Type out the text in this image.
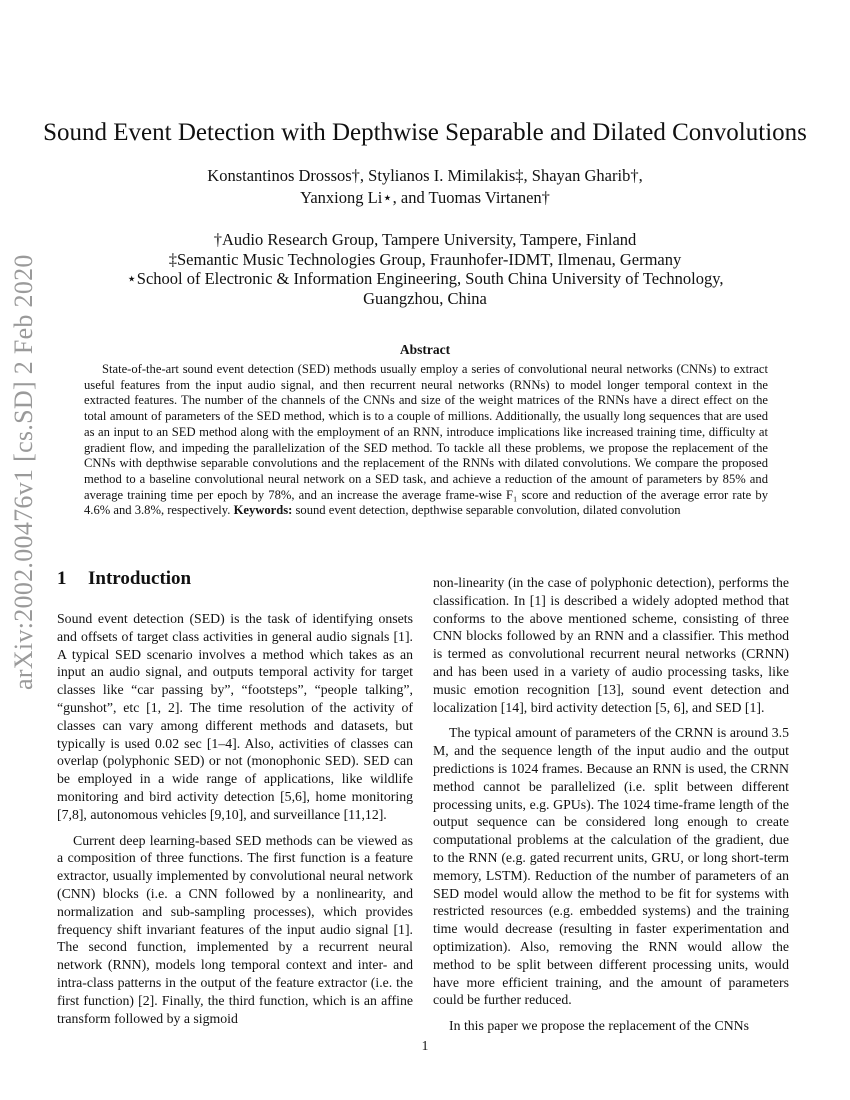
arXiv:2002.00476v1 [cs.SD] 2 Feb 2020
Sound Event Detection with Depthwise Separable and Dilated Convolutions
Konstantinos Drossos†, Stylianos I. Mimilakis‡, Shayan Gharib†,
Yanxiong Li⋆, and Tuomas Virtanen†
†Audio Research Group, Tampere University, Tampere, Finland
‡Semantic Music Technologies Group, Fraunhofer-IDMT, Ilmenau, Germany
⋆School of Electronic & Information Engineering, South China University of Technology,
Guangzhou, China
Abstract
State-of-the-art sound event detection (SED) methods usually employ a series of convolutional neural networks (CNNs) to extract useful features from the input audio signal, and then recurrent neural networks (RNNs) to model longer temporal context in the extracted features. The number of the channels of the CNNs and size of the weight matrices of the RNNs have a direct effect on the total amount of parameters of the SED method, which is to a couple of millions. Additionally, the usually long sequences that are used as an input to an SED method along with the employment of an RNN, introduce implications like increased training time, difficulty at gradient flow, and impeding the parallelization of the SED method. To tackle all these problems, we propose the replacement of the CNNs with depthwise separable convolutions and the replacement of the RNNs with dilated convolutions. We compare the proposed method to a baseline convolutional neural network on a SED task, and achieve a reduction of the amount of parameters by 85% and average training time per epoch by 78%, and an increase the average frame-wise F₁ score and reduction of the average error rate by 4.6% and 3.8%, respectively. Keywords: sound event detection, depthwise separable convolution, dilated convolution
1 Introduction

Sound event detection (SED) is the task of identifying onsets and offsets of target class activities in general audio signals [1]. A typical SED scenario involves a method which takes as an input an audio signal, and outputs temporal activity for target classes like “car passing by”, “footsteps”, “people talking”, “gunshot”, etc [1, 2]. The time resolution of the activity of classes can vary among different methods and datasets, but typically is used 0.02 sec [1–4]. Also, activities of classes can overlap (polyphonic SED) or not (monophonic SED). SED can be employed in a wide range of applications, like wildlife monitoring and bird activity detection [5,6], home monitoring [7,8], autonomous vehicles [9,10], and surveillance [11,12].

Current deep learning-based SED methods can be viewed as a composition of three functions. The first function is a feature extractor, usually implemented by convolutional neural network (CNN) blocks (i.e. a CNN followed by a nonlinearity, and normalization and sub-sampling processes), which provides frequency shift invariant features of the input audio signal [1]. The second function, implemented by a recurrent neural network (RNN), models long temporal context and inter- and intra-class patterns in the output of the feature extractor (i.e. the first function) [2]. Finally, the third function, which is an affine transform followed by a sigmoid

non-linearity (in the case of polyphonic detection), performs the classification. In [1] is described a widely adopted method that conforms to the above mentioned scheme, consisting of three CNN blocks followed by an RNN and a classifier. This method is termed as convolutional recurrent neural networks (CRNN) and has been used in a variety of audio processing tasks, like music emotion recognition [13], sound event detection and localization [14], bird activity detection [5, 6], and SED [1].

The typical amount of parameters of the CRNN is around 3.5 M, and the sequence length of the input audio and the output predictions is 1024 frames. Because an RNN is used, the CRNN method cannot be parallelized (i.e. split between different processing units, e.g. GPUs). The 1024 time-frame length of the output sequence can be considered long enough to create computational problems at the calculation of the gradient, due to the RNN (e.g. gated recurrent units, GRU, or long short-term memory, LSTM). Reduction of the number of parameters of an SED model would allow the method to be fit for systems with restricted resources (e.g. embedded systems) and the training time would decrease (resulting in faster experimentation and optimization). Also, removing the RNN would allow the method to be split between different processing units, would have more efficient training, and the amount of parameters could be further reduced.

In this paper we propose the replacement of the CNNs

1
